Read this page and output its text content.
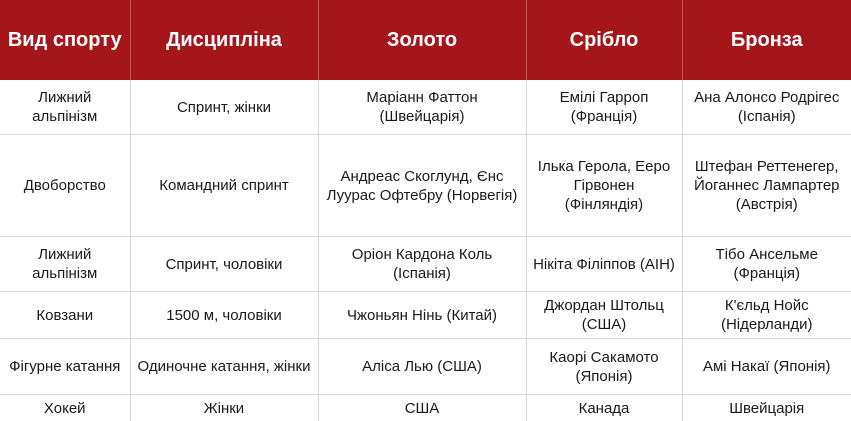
Вид спорту	Дисципліна	Золото	Срібло	Бронза
Лижний альпінізм	Спринт, жінки	Маріанн Фаттон (Швейцарія)	Емілі Гарроп (Франція)	Ана Алонсо Родрігес (Іспанія)
Двоборство	Командний спринт	Андреас Скоглунд, Єнс Луурас Офтебру (Норвегія)	Ілька Герола, Ееро Гірвонен (Фінляндія)	Штефан Реттенегер, Йоганнес Лампартер (Австрія)
Лижний альпінізм	Спринт, чоловіки	Оріон Кардона Коль (Іспанія)	Нікіта Філіппов (AIH)	Тібо Ансельме (Франція)
Ковзани	1500 м, чоловіки	Чжоньян Нінь (Китай)	Джордан Штольц (США)	К'єльд Нойс (Нідерланди)
Фігурне катання	Одиночне катання, жінки	Аліса Лью (США)	Каорі Сакамото (Японія)	Амі Накаї (Японія)
Хокей	Жінки	США	Канада	Швейцарія
